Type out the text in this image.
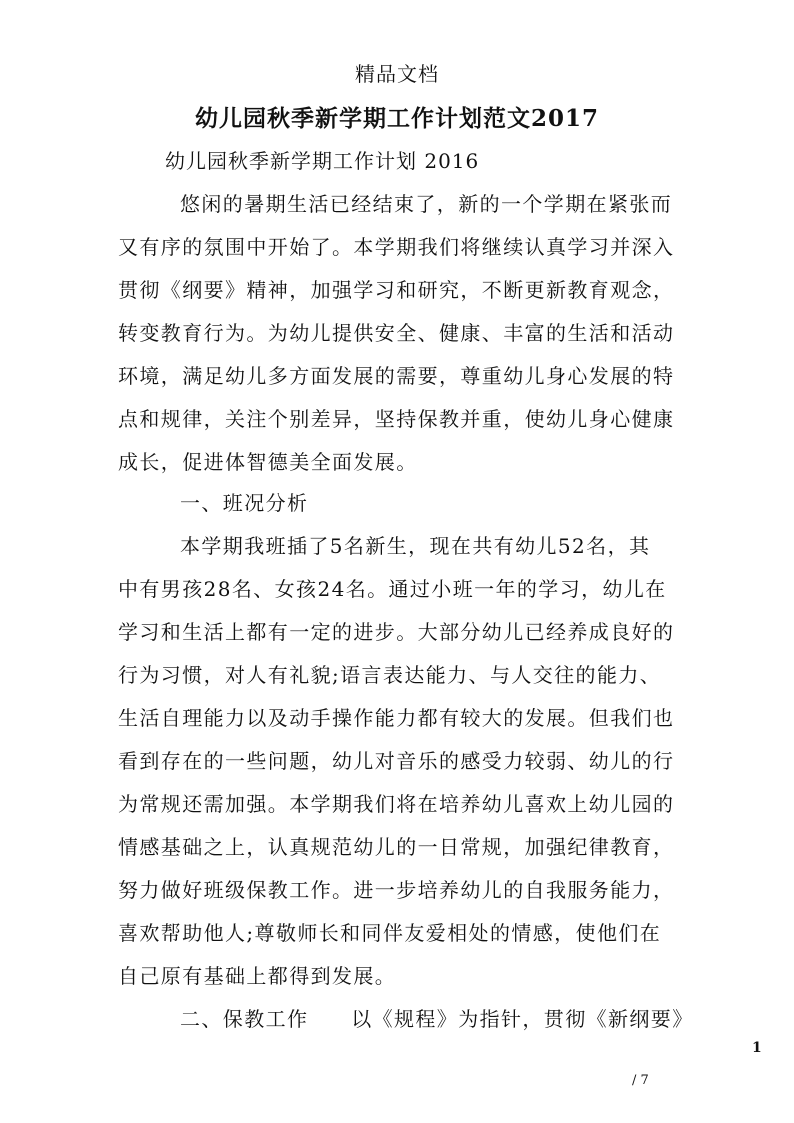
精品文档
幼儿园秋季新学期工作计划范文2017
幼儿园秋季新学期工作计划 2016
悠闲的暑期生活已经结束了，新的一个学期在紧张而
又有序的氛围中开始了。本学期我们将继续认真学习并深入
贯彻《纲要》精神，加强学习和研究，不断更新教育观念，
转变教育行为。为幼儿提供安全、健康、丰富的生活和活动
环境，满足幼儿多方面发展的需要，尊重幼儿身心发展的特
点和规律，关注个别差异，坚持保教并重，使幼儿身心健康
成长，促进体智德美全面发展。
一、班况分析
本学期我班插了5名新生，现在共有幼儿52名，其
中有男孩28名、女孩24名。通过小班一年的学习，幼儿在
学习和生活上都有一定的进步。大部分幼儿已经养成良好的
行为习惯，对人有礼貌;语言表达能力、与人交往的能力、
生活自理能力以及动手操作能力都有较大的发展。但我们也
看到存在的一些问题，幼儿对音乐的感受力较弱、幼儿的行
为常规还需加强。本学期我们将在培养幼儿喜欢上幼儿园的
情感基础之上，认真规范幼儿的一日常规，加强纪律教育，
努力做好班级保教工作。进一步培养幼儿的自我服务能力，
喜欢帮助他人;尊敬师长和同伴友爱相处的情感，使他们在
自己原有基础上都得到发展。
二、保教工作　　以《规程》为指针，贯彻《新纲要》
1
/ 7
